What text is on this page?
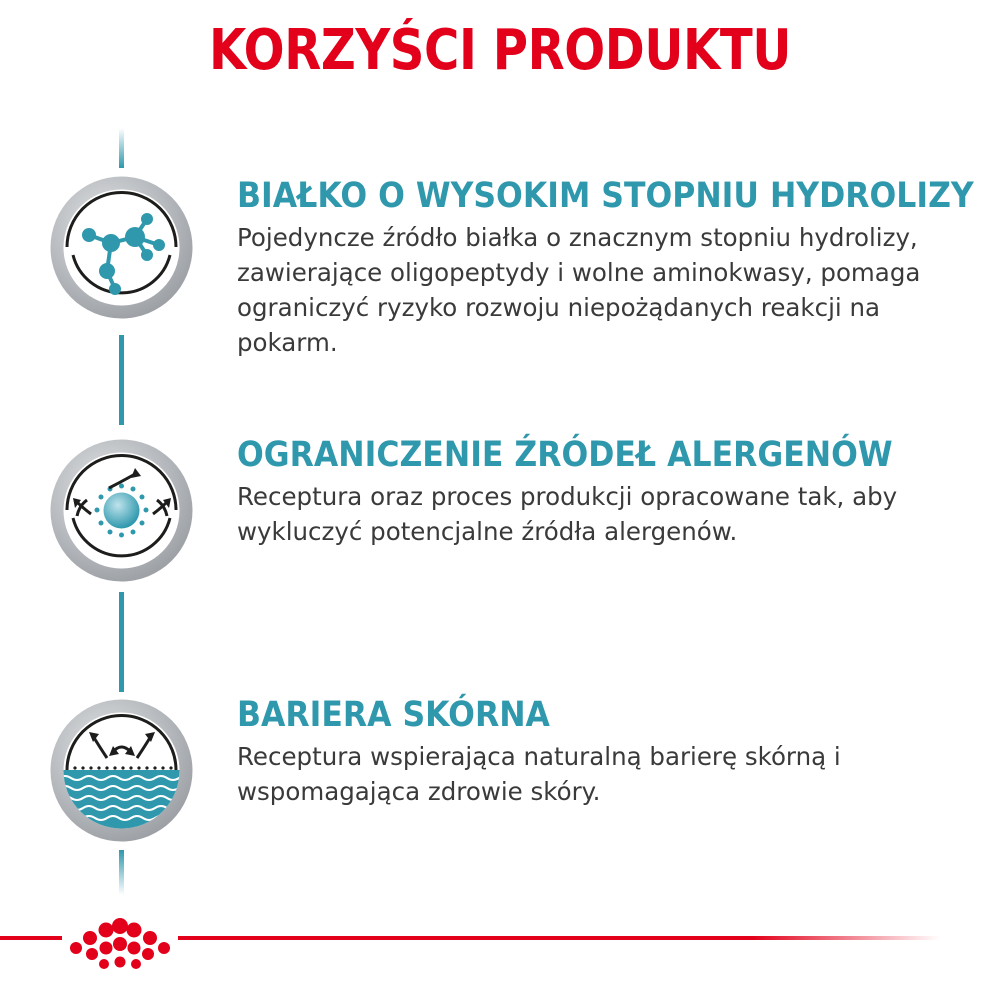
KORZYŚCI PRODUKTU
BIAŁKO O WYSOKIM STOPNIU HYDROLIZY
Pojedyncze źródło białka o znacznym stopniu hydrolizy, zawierające oligopeptydy i wolne aminokwasy, pomaga ograniczyć ryzyko rozwoju niepożądanych reakcji na pokarm.
OGRANICZENIE ŹRÓDEŁ ALERGENÓW
Receptura oraz proces produkcji opracowane tak, aby wykluczyć potencjalne źródła alergenów.
BARIERA SKÓRNA
Receptura wspierająca naturalną barierę skórną i wspomagająca zdrowie skóry.
